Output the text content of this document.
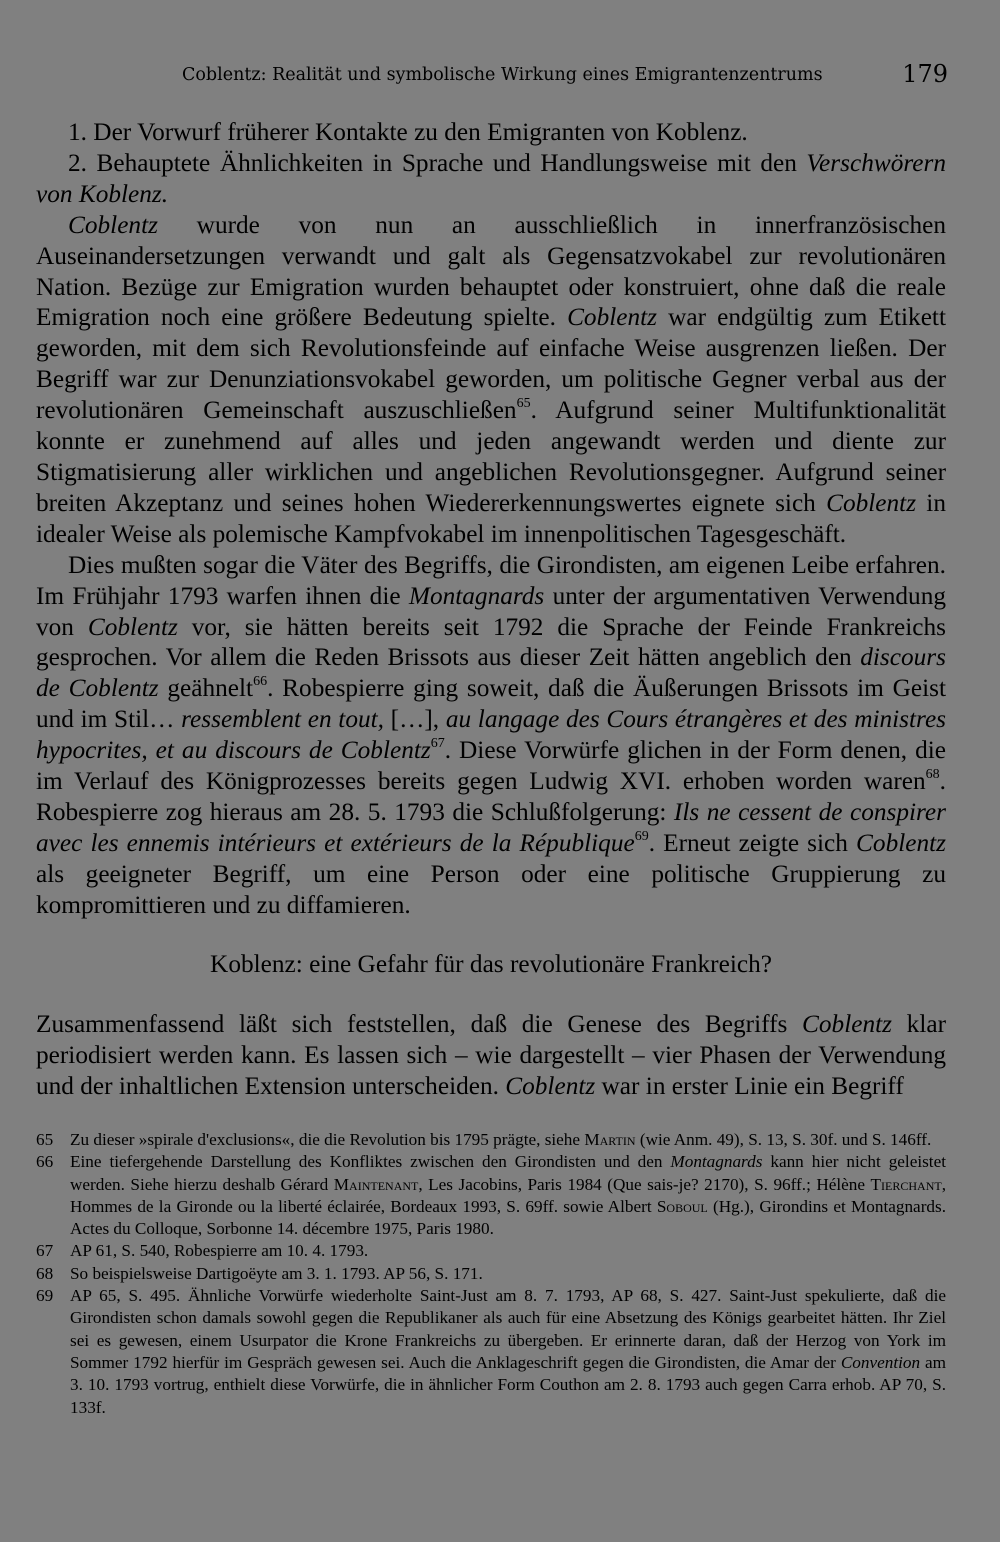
Coblentz: Realität und symbolische Wirkung eines Emigrantenzentrums	179

1. Der Vorwurf früherer Kontakte zu den Emigranten von Koblenz.

2. Behauptete Ähnlichkeiten in Sprache und Handlungsweise mit den Verschwörern von Koblenz.

Coblentz wurde von nun an ausschließlich in innerfranzösischen Auseinandersetzungen verwandt und galt als Gegensatzvokabel zur revolutionären Nation. Bezüge zur Emigration wurden behauptet oder konstruiert, ohne daß die reale Emigration noch eine größere Bedeutung spielte. Coblentz war endgültig zum Etikett geworden, mit dem sich Revolutionsfeinde auf einfache Weise ausgrenzen ließen. Der Begriff war zur Denunziationsvokabel geworden, um politische Gegner verbal aus der revolutionären Gemeinschaft auszuschließen$^{65}$. Aufgrund seiner Multifunktionalität konnte er zunehmend auf alles und jeden angewandt werden und diente zur Stigmatisierung aller wirklichen und angeblichen Revolutionsgegner. Aufgrund seiner breiten Akzeptanz und seines hohen Wiedererkennungswertes eignete sich Coblentz in idealer Weise als polemische Kampfvokabel im innenpolitischen Tagesgeschäft.

Dies mußten sogar die Väter des Begriffs, die Girondisten, am eigenen Leibe erfahren. Im Frühjahr 1793 warfen ihnen die Montagnards unter der argumentativen Verwendung von Coblentz vor, sie hätten bereits seit 1792 die Sprache der Feinde Frankreichs gesprochen. Vor allem die Reden Brissots aus dieser Zeit hätten angeblich den discours de Coblentz geähnelt$^{66}$. Robespierre ging soweit, daß die Äußerungen Brissots im Geist und im Stil… ressemblent en tout, […], au langage des Cours étrangères et des ministres hypocrites, et au discours de Coblentz$^{67}$. Diese Vorwürfe glichen in der Form denen, die im Verlauf des Königprozesses bereits gegen Ludwig XVI. erhoben worden waren$^{68}$. Robespierre zog hieraus am 28. 5. 1793 die Schlußfolgerung: Ils ne cessent de conspirer avec les ennemis intérieurs et extérieurs de la République$^{69}$. Erneut zeigte sich Coblentz als geeigneter Begriff, um eine Person oder eine politische Gruppierung zu kompromittieren und zu diffamieren.

Koblenz: eine Gefahr für das revolutionäre Frankreich?

Zusammenfassend läßt sich feststellen, daß die Genese des Begriffs Coblentz klar periodisiert werden kann. Es lassen sich – wie dargestellt – vier Phasen der Verwendung und der inhaltlichen Extension unterscheiden. Coblentz war in erster Linie ein Begriff

65 Zu dieser »spirale d'exclusions«, die die Revolution bis 1795 prägte, siehe Martin (wie Anm. 49), S. 13, S. 30f. und S. 146ff.
66 Eine tiefergehende Darstellung des Konfliktes zwischen den Girondisten und den Montagnards kann hier nicht geleistet werden. Siehe hierzu deshalb Gérard Maintenant, Les Jacobins, Paris 1984 (Que sais-je? 2170), S. 96ff.; Hélène Tierchant, Hommes de la Gironde ou la liberté éclairée, Bordeaux 1993, S. 69ff. sowie Albert Soboul (Hg.), Girondins et Montagnards. Actes du Colloque, Sorbonne 14. décembre 1975, Paris 1980.
67 AP 61, S. 540, Robespierre am 10. 4. 1793.
68 So beispielsweise Dartigoëyte am 3. 1. 1793. AP 56, S. 171.
69 AP 65, S. 495. Ähnliche Vorwürfe wiederholte Saint-Just am 8. 7. 1793, AP 68, S. 427. Saint-Just spekulierte, daß die Girondisten schon damals sowohl gegen die Republikaner als auch für eine Absetzung des Königs gearbeitet hätten. Ihr Ziel sei es gewesen, einem Usurpator die Krone Frankreichs zu übergeben. Er erinnerte daran, daß der Herzog von York im Sommer 1792 hierfür im Gespräch gewesen sei. Auch die Anklageschrift gegen die Girondisten, die Amar der Convention am 3. 10. 1793 vortrug, enthielt diese Vorwürfe, die in ähnlicher Form Couthon am 2. 8. 1793 auch gegen Carra erhob. AP 70, S. 133f.
